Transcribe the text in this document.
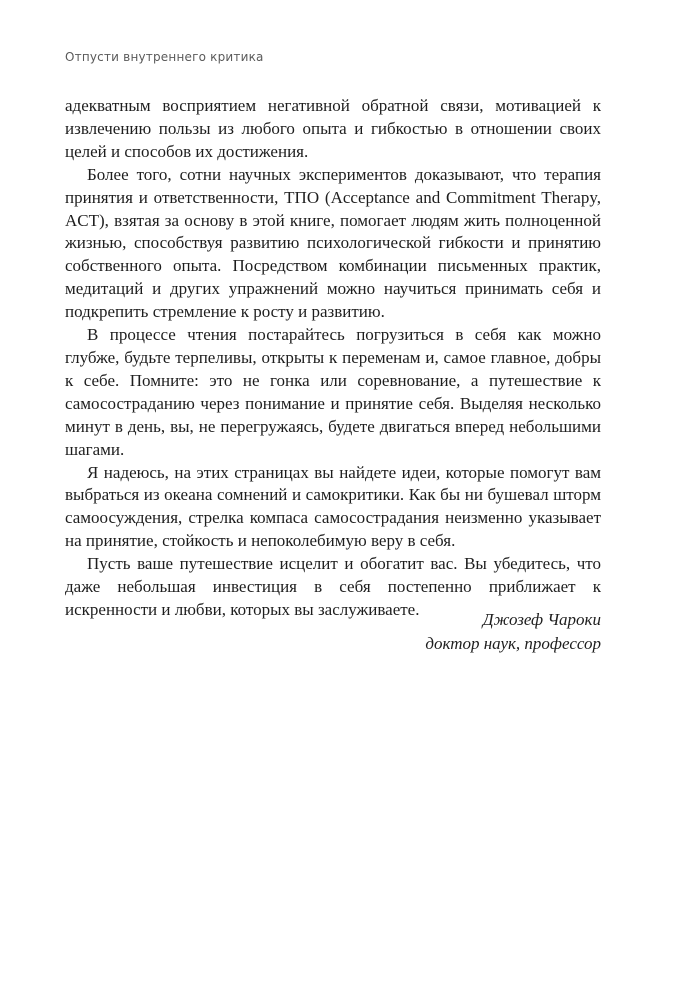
Отпусти внутреннего критика

адекватным восприятием негативной обратной связи, мотивацией к извлечению пользы из любого опыта и гибкостью в отношении своих целей и способов их достижения.

Более того, сотни научных экспериментов доказывают, что терапия принятия и ответственности, ТПО (Acceptance and Commitment Therapy, ACT), взятая за основу в этой книге, помогает людям жить полноценной жизнью, способствуя развитию психологической гибкости и принятию собственного опыта. Посредством комбинации письменных практик, медитаций и других упражнений можно научиться принимать себя и подкрепить стремление к росту и развитию.

В процессе чтения постарайтесь погрузиться в себя как можно глубже, будьте терпеливы, открыты к переменам и, самое главное, добры к себе. Помните: это не гонка или соревнование, а путешествие к самосостраданию через понимание и принятие себя. Выделяя несколько минут в день, вы, не перегружаясь, будете двигаться вперед небольшими шагами.

Я надеюсь, на этих страницах вы найдете идеи, которые помогут вам выбраться из океана сомнений и самокритики. Как бы ни бушевал шторм самоосуждения, стрелка компаса самосострадания неизменно указывает на принятие, стойкость и непоколебимую веру в себя.

Пусть ваше путешествие исцелит и обогатит вас. Вы убедитесь, что даже небольшая инвестиция в себя постепенно приближает к искренности и любви, которых вы заслуживаете.

Джозеф Чароки
доктор наук, профессор
